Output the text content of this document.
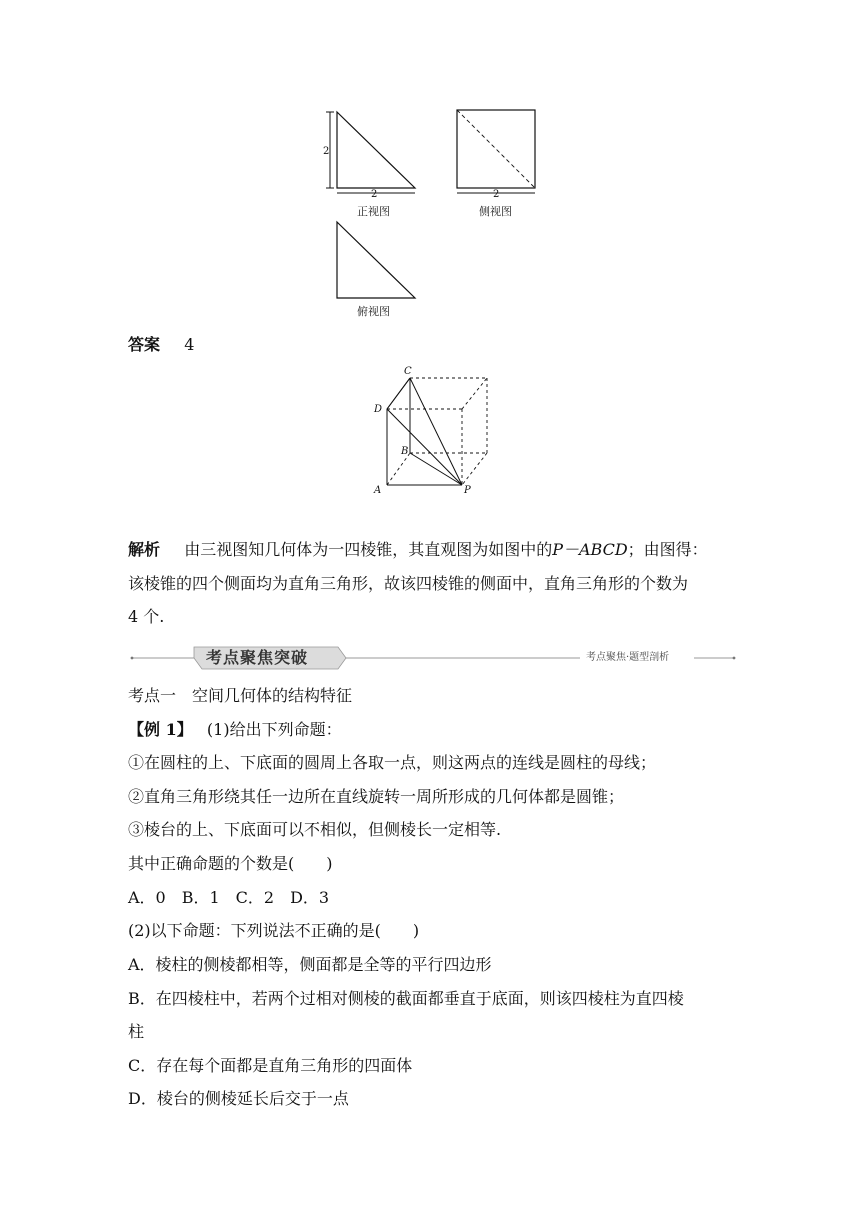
2
2	2
正视图	侧视图
俯视图
答案 4
C
D
B
A	P
解析 由三视图知几何体为一四棱锥，其直观图为如图中的P－ABCD；由图得：
该棱锥的四个侧面均为直角三角形，故该四棱锥的侧面中，直角三角形的个数为
4 个.
考点聚焦突破	考点聚焦·题型剖析
考点一　空间几何体的结构特征
【例 1】 (1)给出下列命题：
①在圆柱的上、下底面的圆周上各取一点，则这两点的连线是圆柱的母线；
②直角三角形绕其任一边所在直线旋转一周所形成的几何体都是圆锥；
③棱台的上、下底面可以不相似，但侧棱长一定相等.
其中正确命题的个数是(　　)
A．0　B．1　C．2　D．3
(2)以下命题：下列说法不正确的是(　　)
A．棱柱的侧棱都相等，侧面都是全等的平行四边形
B．在四棱柱中，若两个过相对侧棱的截面都垂直于底面，则该四棱柱为直四棱
柱
C．存在每个面都是直角三角形的四面体
D．棱台的侧棱延长后交于一点
